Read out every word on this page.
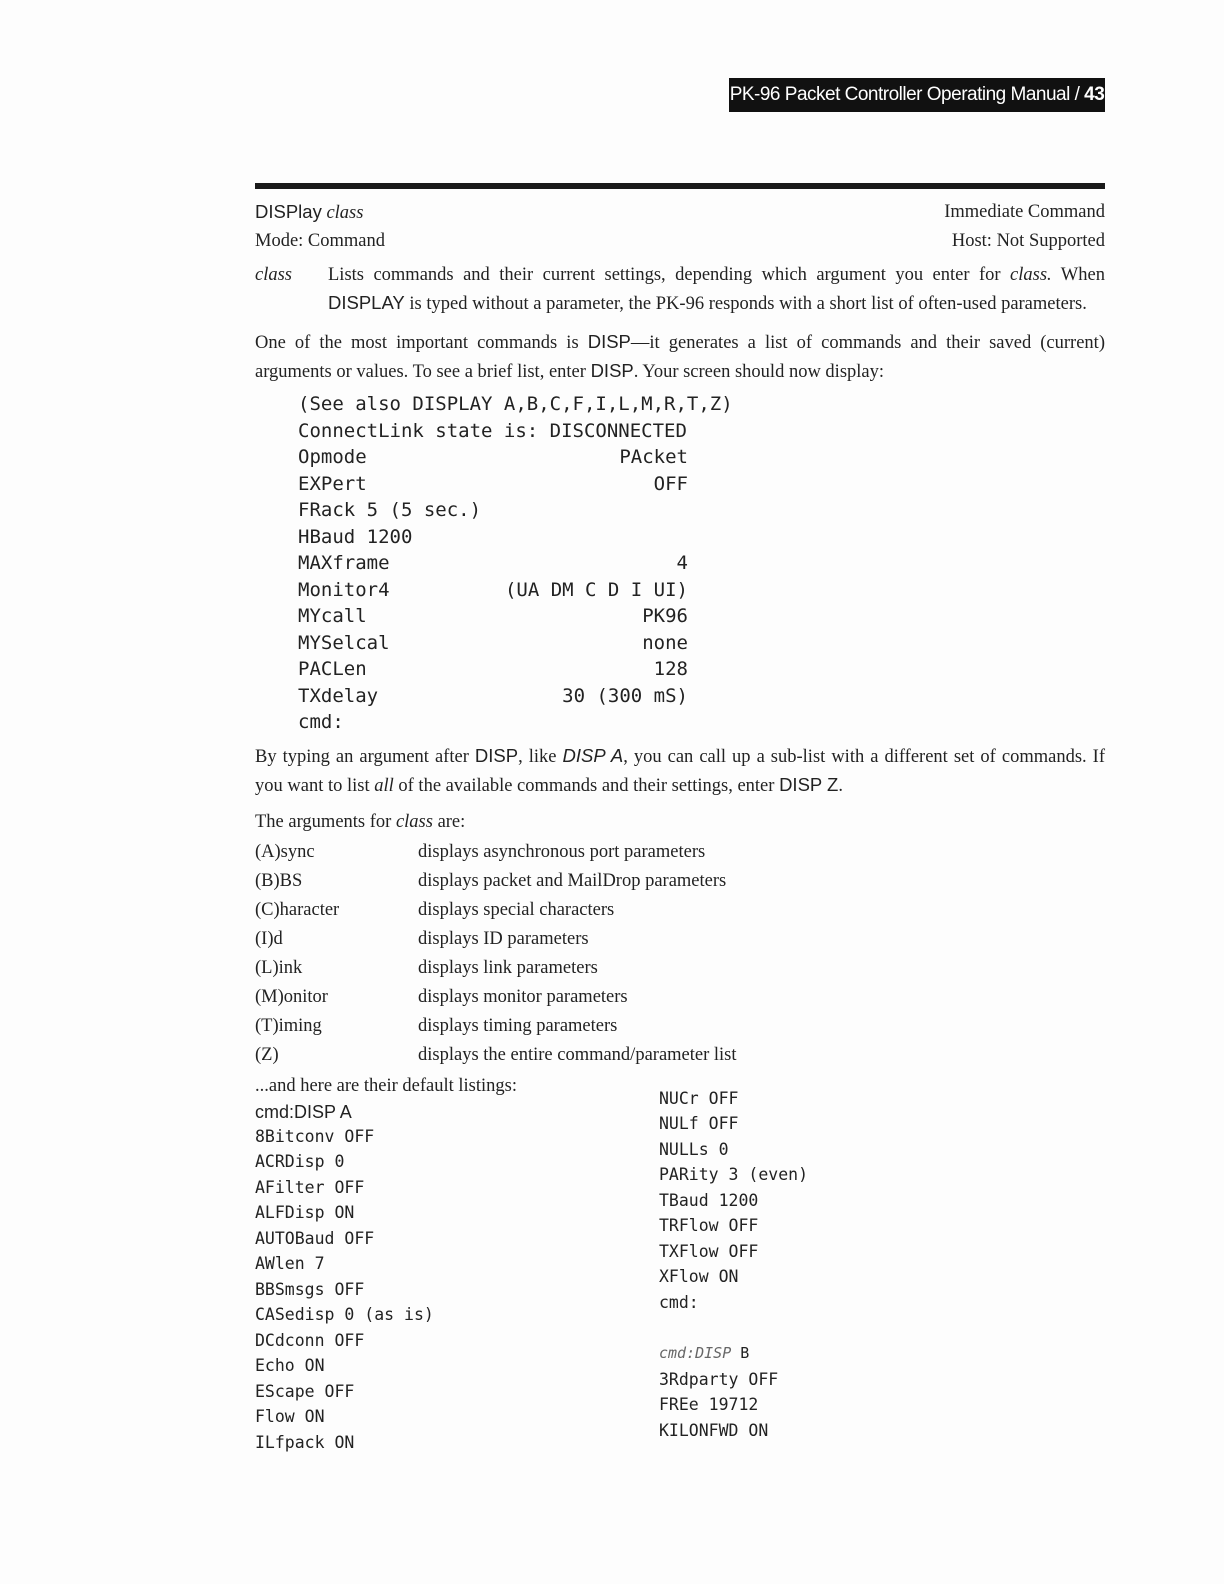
PK-96 Packet Controller Operating Manual / 43
DISPlay class	Immediate Command
Mode: Command	Host: Not Supported
class	Lists commands and their current settings, depending which argument you enter for class. When DISPLAY is typed without a parameter, the PK-96 responds with a short list of often-used parameters.
One of the most important commands is DISP—it generates a list of commands and their saved (current) arguments or values. To see a brief list, enter DISP. Your screen should now display:
(See also DISPLAY A,B,C,F,I,L,M,R,T,Z)
ConnectLink state is: DISCONNECTED
Opmode	PAcket
EXPert	OFF
FRack 5 (5 sec.)
HBaud 1200
MAXframe	4
Monitor4	(UA DM C D I UI)
MYcall	PK96
MYSelcal	none
PACLen	128
TXdelay	30 (300 mS)
cmd:
By typing an argument after DISP, like DISP A, you can call up a sub-list with a different set of commands. If you want to list all of the available commands and their settings, enter DISP Z.
The arguments for class are:
(A)sync	displays asynchronous port parameters
(B)BS	displays packet and MailDrop parameters
(C)haracter	displays special characters
(I)d	displays ID parameters
(L)ink	displays link parameters
(M)onitor	displays monitor parameters
(T)iming	displays timing parameters
(Z)	displays the entire command/parameter list
...and here are their default listings:
cmd:DISP A
8Bitconv OFF
ACRDisp 0
AFilter OFF
ALFDisp ON
AUTOBaud OFF
AWlen 7
BBSmsgs OFF
CASedisp 0 (as is)
DCdconn OFF
Echo ON
EScape OFF
Flow ON
ILfpack ON
NUCr OFF
NULf OFF
NULLs 0
PARity 3 (even)
TBaud 1200
TRFlow OFF
TXFlow OFF
XFlow ON
cmd:
cmd:DISP B
3Rdparty OFF
FREe 19712
KILONFWD ON
